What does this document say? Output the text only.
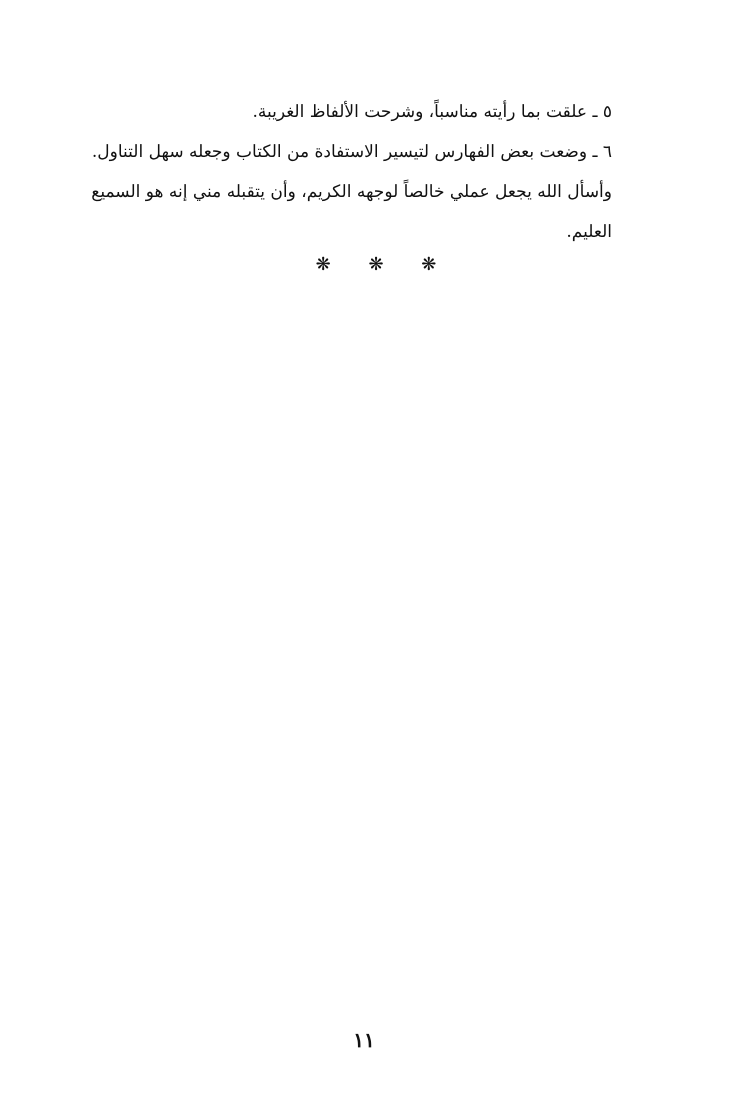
٥ ـ علقت بما رأيته مناسباً، وشرحت الألفاظ الغريبة.
٦ ـ وضعت بعض الفهارس لتيسير الاستفادة من الكتاب وجعله سهل التناول.
وأسأل الله يجعل عملي خالصاً لوجهه الكريم، وأن يتقبله مني إنه هو السميع
العليم.
❋ ❋ ❋
١١
